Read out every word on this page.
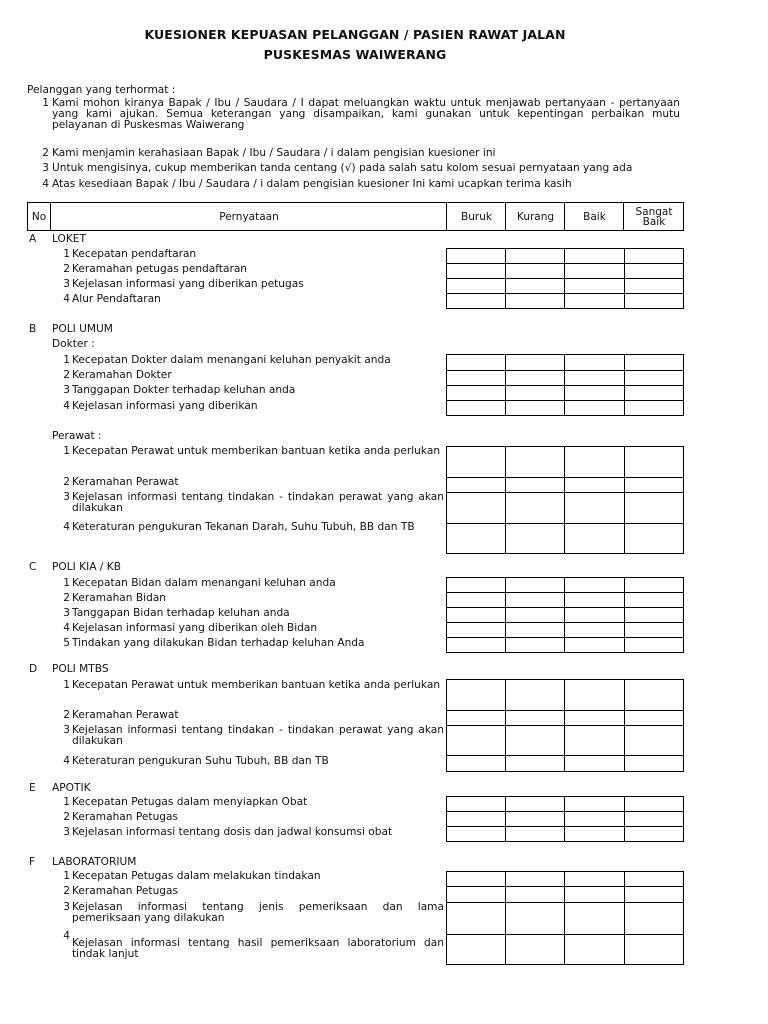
KUESIONER KEPUASAN PELANGGAN / PASIEN RAWAT JALAN
PUSKESMAS WAIWERANG
Pelanggan yang terhormat :
1 Kami mohon kiranya Bapak / Ibu / Saudara / I dapat meluangkan waktu untuk menjawab pertanyaan - pertanyaan yang kami ajukan. Semua keterangan yang disampaikan, kami gunakan untuk kepentingan perbaikan mutu pelayanan di Puskesmas Waiwerang
2 Kami menjamin kerahasiaan Bapak / Ibu / Saudara / i dalam pengisian kuesioner ini
3 Untuk mengisinya, cukup memberikan tanda centang (√) pada salah satu kolom sesuai pernyataan yang ada
4 Atas kesediaan Bapak / Ibu / Saudara / i dalam pengisian kuesioner Ini kami ucapkan terima kasih
No	Pernyataan	Buruk	Kurang	Baik	Sangat Baik
A LOKET
1 Kecepatan pendaftaran
2 Keramahan petugas pendaftaran
3 Kejelasan informasi yang diberikan petugas
4 Alur Pendaftaran
B POLI UMUM
Dokter :
1 Kecepatan Dokter dalam menangani keluhan penyakit anda
2 Keramahan Dokter
3 Tanggapan Dokter terhadap keluhan anda
4 Kejelasan informasi yang diberikan
Perawat :
1 Kecepatan Perawat untuk memberikan bantuan ketika anda perlukan
2 Keramahan Perawat
3 Kejelasan informasi tentang tindakan - tindakan perawat yang akan dilakukan
4 Keteraturan pengukuran Tekanan Darah, Suhu Tubuh, BB dan TB
C POLI KIA / KB
1 Kecepatan Bidan dalam menangani keluhan anda
2 Keramahan Bidan
3 Tanggapan Bidan terhadap keluhan anda
4 Kejelasan informasi yang diberikan oleh Bidan
5 Tindakan yang dilakukan Bidan terhadap keluhan Anda
D POLI MTBS
1 Kecepatan Perawat untuk memberikan bantuan ketika anda perlukan
2 Keramahan Perawat
3 Kejelasan informasi tentang tindakan - tindakan perawat yang akan dilakukan
4 Keteraturan pengukuran Suhu Tubuh, BB dan TB
E APOTIK
1 Kecepatan Petugas dalam menyiapkan Obat
2 Keramahan Petugas
3 Kejelasan informasi tentang dosis dan jadwal konsumsi obat
F LABORATORIUM
1 Kecepatan Petugas dalam melakukan tindakan
2 Keramahan Petugas
3 Kejelasan informasi tentang jenis pemeriksaan dan lama pemeriksaan yang dilakukan
4
Kejelasan informasi tentang hasil pemeriksaan laboratorium dan tindak lanjut
